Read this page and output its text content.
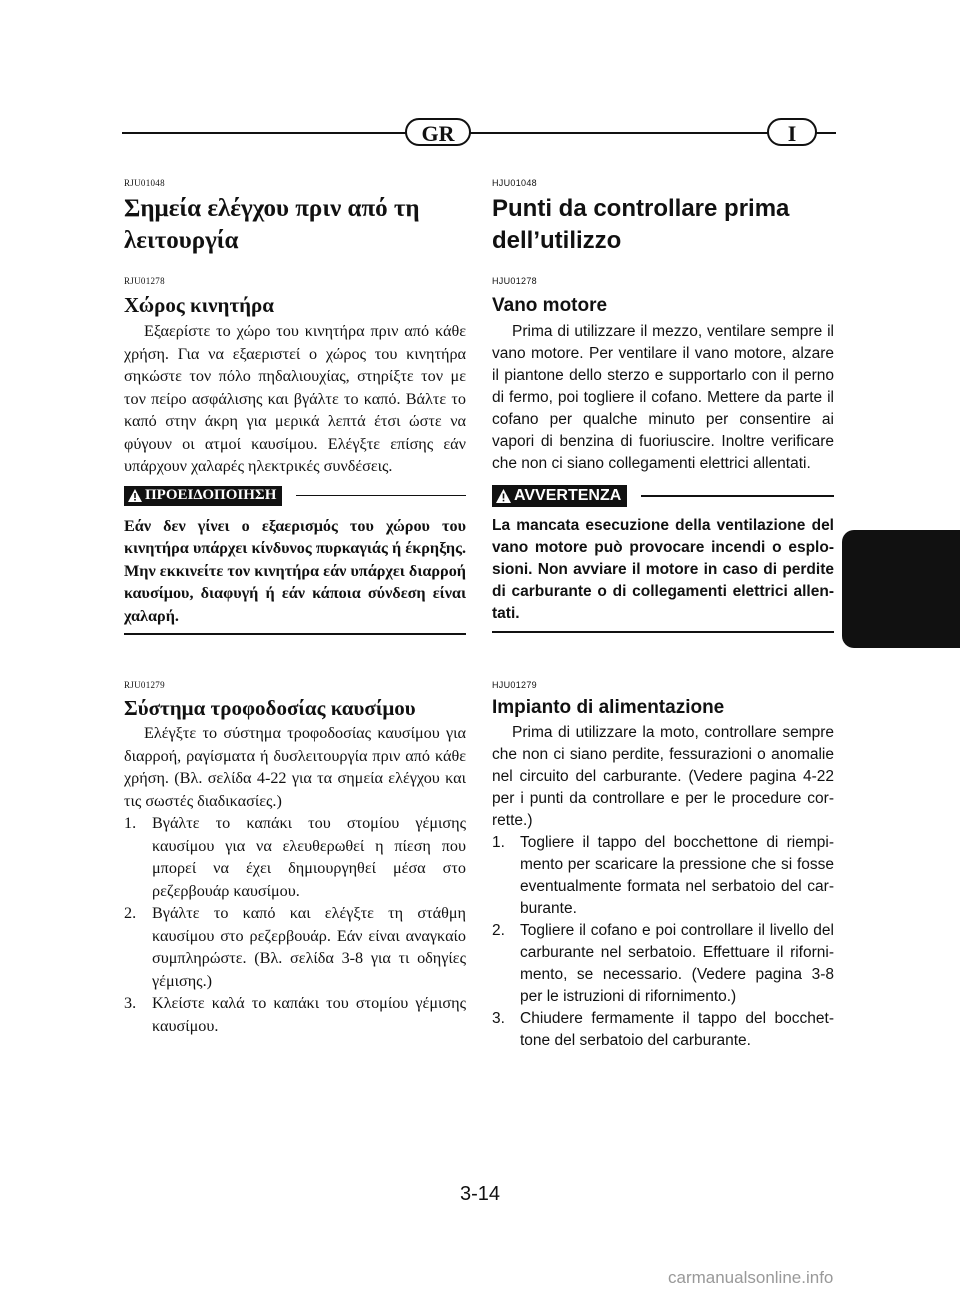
GR	I

RJU01048

Σημεία ελέγχου πριν από τη

λειτουργία

RJU01278

Χώρος κινητήρα

Εξαερίστε το χώρο του κινητήρα πριν από κάθε χρήση. Για να εξαεριστεί ο χώρος του κινητήρα σηκώστε τον πόλο πηδαλιουχίας, στηρίξτε τον με τον πείρο ασφάλισης και βγάλτε το καπό. Βάλτε το καπό στην άκρη για μερικά λεπτά έτσι ώστε να φύγουν οι ατμοί καυσίμου. Ελέγξτε επίσης εάν υπάρχουν χαλαρές ηλεκτρικές συνδέσεις.

ΠΡΟΕΙΔΟΠΟΙΗΣΗ

Εάν δεν γίνει ο εξαερισμός του χώρου του κινητήρα υπάρχει κίνδυνος πυρκαγιάς ή έκρηξης. Μην εκκινείτε τον κινητήρα εάν υπάρχει διαρροή καυσίμου, διαφυγή ή εάν κάποια σύνδεση είναι χαλαρή.

HJU01048

Punti da controllare prima

dell’utilizzo

HJU01278

Vano motore

Prima di utilizzare il mezzo, ventilare sempre il vano motore. Per ventilare il vano motore, alzare il piantone dello sterzo e supportarlo con il perno di fermo, poi togliere il cofano. Mettere da parte il cofano per qualche minuto per consentire ai vapori di benzina di fuoriuscire. Inoltre verificare che non ci siano collegamenti elettrici allentati.

AVVERTENZA

La mancata esecuzione della ventilazione del vano motore può provocare incendi o esplo-sioni. Non avviare il motore in caso di perdite di carburante o di collegamenti elettrici allen-tati.

RJU01279

Σύστημα τροφοδοσίας καυσίμου

Ελέγξτε το σύστημα τροφοδοσίας καυσίμου για διαρροή, ραγίσματα ή δυσλειτουργία πριν από κάθε χρήση. (Βλ. σελίδα 4-22 για τα σημεία ελέγχου και τις σωστές διαδικασίες.)

1. Βγάλτε το καπάκι του στομίου γέμισης καυσίμου για να ελευθερωθεί η πίεση που μπορεί να έχει δημιουργηθεί μέσα στο ρεζερβουάρ καυσίμου.
2. Βγάλτε το καπό και ελέγξτε τη στάθμη καυσίμου στο ρεζερβουάρ. Εάν είναι αναγκαίο συμπληρώστε. (Βλ. σελίδα 3-8 για τι οδηγίες γέμισης.)
3. Κλείστε καλά το καπάκι του στομίου γέμισης καυσίμου.

HJU01279

Impianto di alimentazione

Prima di utilizzare la moto, controllare sempre che non ci siano perdite, fessurazioni o anomalie nel circuito del carburante. (Vedere pagina 4-22 per i punti da controllare e per le procedure cor-rette.)

1. Togliere il tappo del bocchettone di riempi-mento per scaricare la pressione che si fosse eventualmente formata nel serbatoio del car-burante.
2. Togliere il cofano e poi controllare il livello del carburante nel serbatoio. Effettuare il riforni-mento, se necessario. (Vedere pagina 3-8 per le istruzioni di rifornimento.)
3. Chiudere fermamente il tappo del bocchet-tone del serbatoio del carburante.
3-14
carmanualsonline.info
